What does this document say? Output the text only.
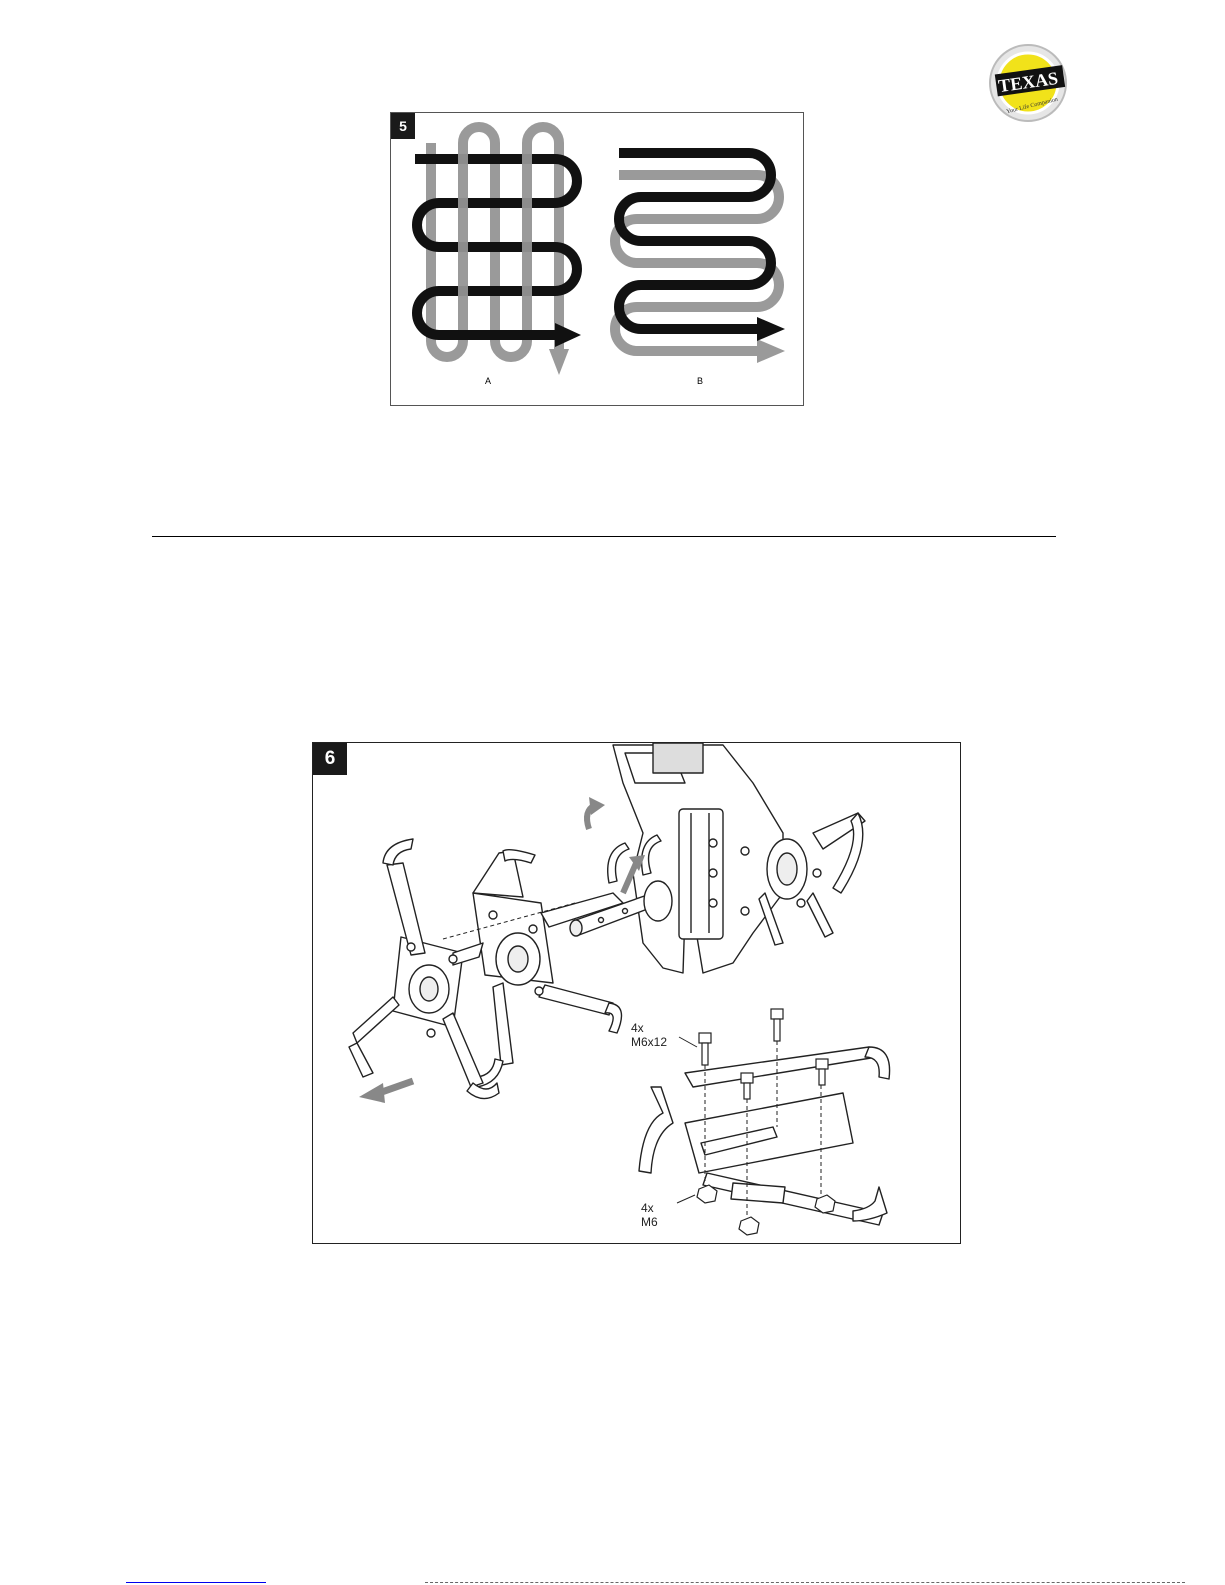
TEXAS
Your Life Companion
5
A	B
6
4x
M6x12
4x
M6
